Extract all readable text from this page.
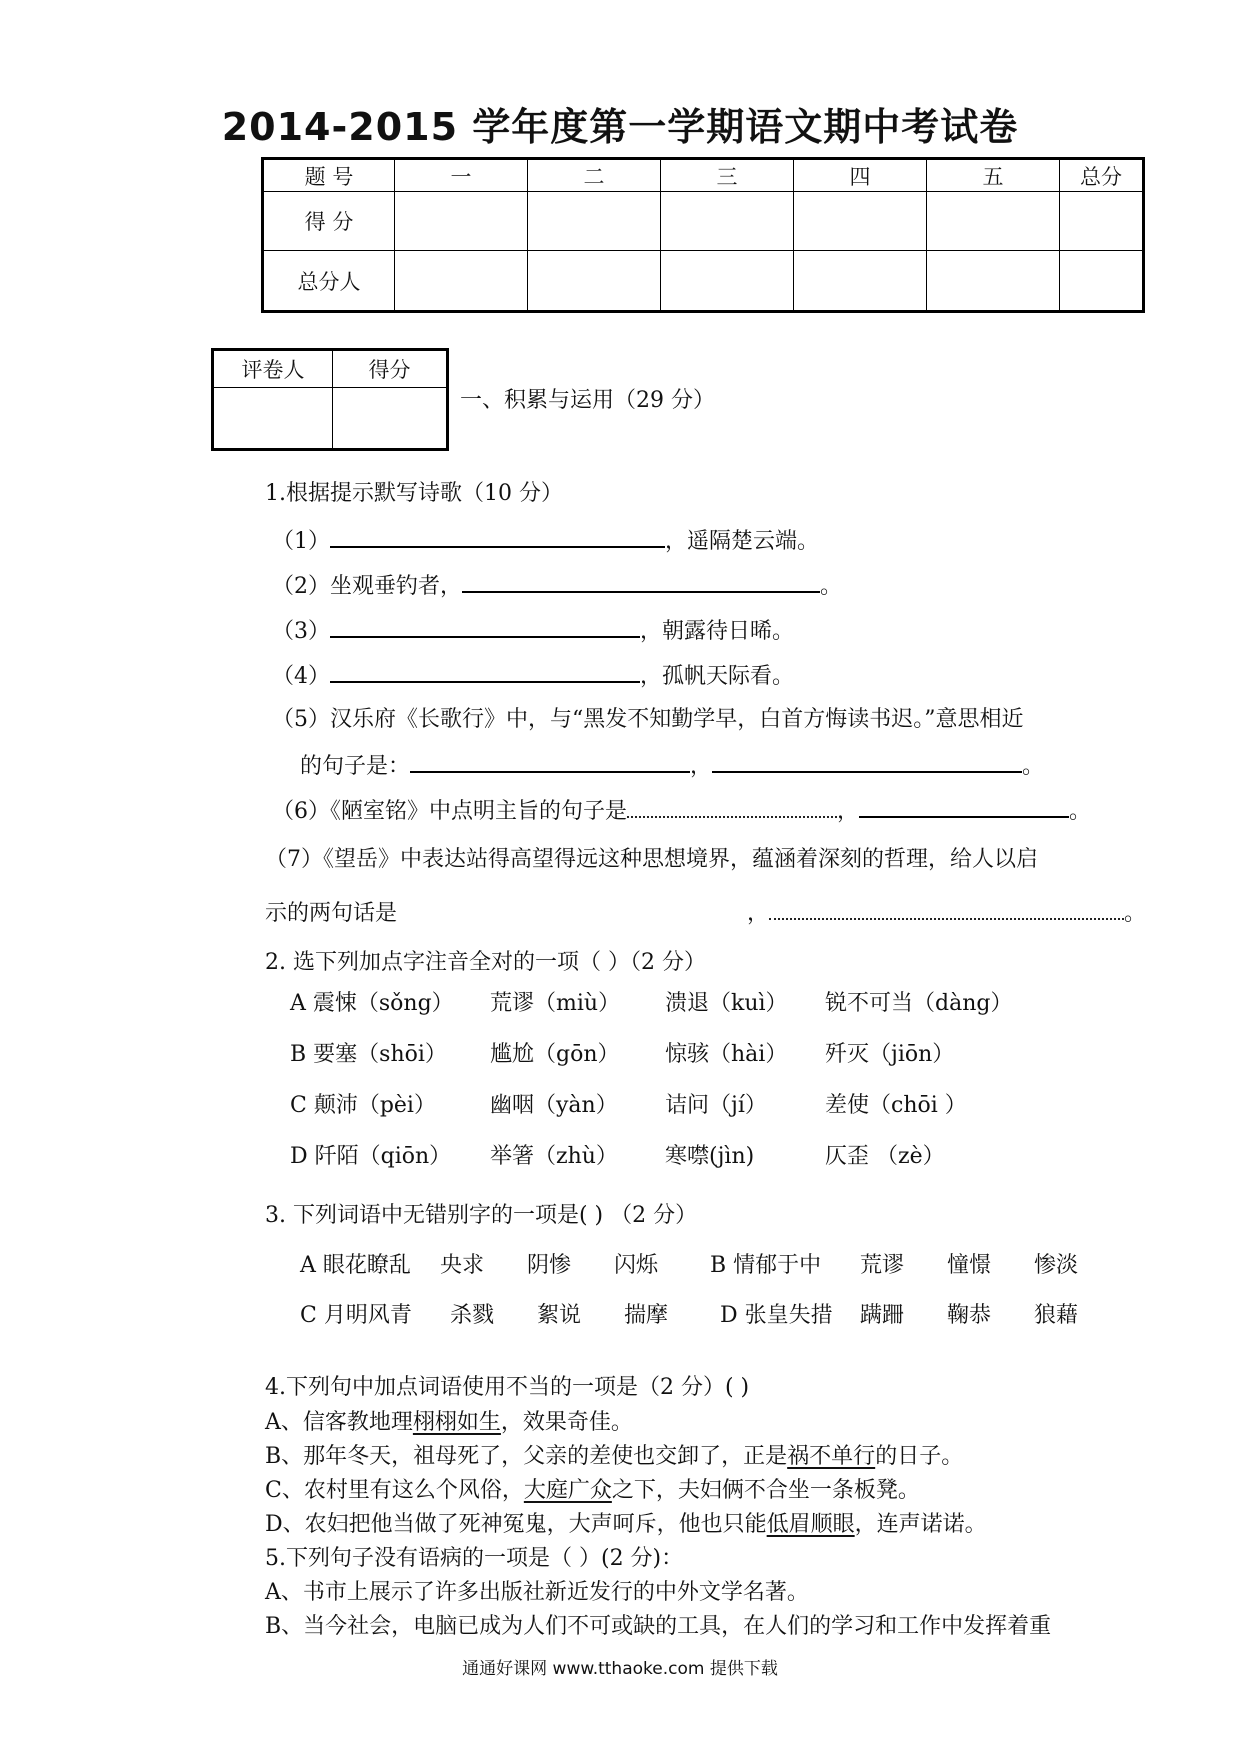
2014-2015 学年度第一学期语文期中考试卷
题 号	一	二	三	四	五	总分
得 分						
总分人						
评卷人	得分

一、积累与运用（29 分）
1.根据提示默写诗歌（10 分）
（1）	，遥隔楚云端。
（2）坐观垂钓者，	。
（3）	，朝露待日晞。
（4）	，孤帆天际看。
（5）汉乐府《长歌行》中，与“黑发不知勤学早，白首方悔读书迟。”意思相近
的句子是：	，	。
（6）《陋室铭》中点明主旨的句子是	，	。
（7）《望岳》中表达站得高望得远这种思想境界，蕴涵着深刻的哲理，给人以启
示的两句话是	，	。
2. 选下列加点字注音全对的一项（ ）（2 分）
A 震悚（sǒng） 荒谬（miù） 溃退（kuì） 锐不可当（dàng）
B 要塞（shōi） 尴尬（gōn） 惊骇（hài） 歼灭（jiōn）
C 颠沛（pèi） 幽咽（yàn） 诘问（jí）	差使（chōi ）
D 阡陌（qiōn） 举箸（zhù） 寒噤(jìn)	仄歪 （zè）
3. 下列词语中无错别字的一项是( ) （2 分）
A 眼花瞭乱 央求 阴惨 闪烁 B 情郁于中 荒谬 憧憬 惨淡
C 月明风青 杀戮 絮说 揣摩 D 张皇失措 蹒跚 鞠恭 狼藉
4.下列句中加点词语使用不当的一项是（2 分）( )
A、信客教地理栩栩如生，效果奇佳。
B、那年冬天，祖母死了，父亲的差使也交卸了，正是祸不单行的日子。
C、农村里有这么个风俗，大庭广众之下，夫妇俩不合坐一条板凳。
D、农妇把他当做了死神冤鬼，大声呵斥，他也只能低眉顺眼，连声诺诺。
5.下列句子没有语病的一项是（ ）(2 分)：
A、书市上展示了许多出版社新近发行的中外文学名著。
B、当今社会，电脑已成为人们不可或缺的工具，在人们的学习和工作中发挥着重
通通好课网 www.tthaoke.com 提供下载
